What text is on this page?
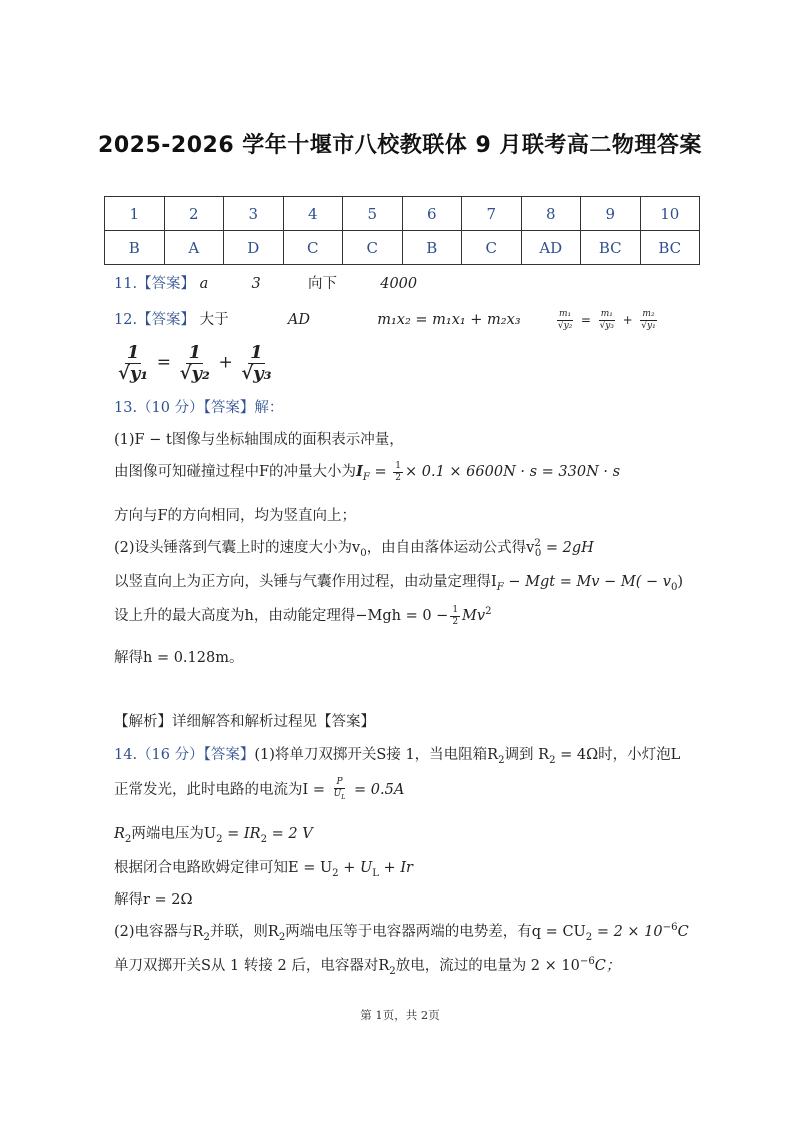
2025-2026 学年十堰市八校教联体 9 月联考高二物理答案
1	2	3	4	5	6	7	8	9	10
B	A	D	C	C	B	C	AD	BC	BC
11.【答案】 a	3	向下	4000
12.【答案】 大于	AD	m₁x₂ = m₁x₁ + m₂x₃	$\frac{\text{m₁}}{\text{√y₂}} = \frac{\text{m₁}}{\text{√y₃}} + \frac{\text{m₂}}{\text{√y₁}}$
$\frac{1}{\text{√y₁}} = \frac{1}{\text{√y₂}} + \frac{1}{\text{√y₃}}$
13.（10 分）【答案】解：
(1)F − t图像与坐标轴围成的面积表示冲量，
由图像可知碰撞过程中F的冲量大小为$I_F = \frac{1}{2} \times 0.1 \times 6600N \cdot s = 330N \cdot s$
方向与F的方向相同，均为竖直向上；
(2)设头锤落到气囊上时的速度大小为$v_0$，由自由落体运动公式得$v^2_0 = 2gH$
以竖直向上为正方向，头锤与气囊作用过程，由动量定理得$I_F$ − Mgt = $Mv - M( - v_0)$
设上升的最大高度为h，由动能定理得$-Mgh = 0 - \frac{1}{2} Mv^2$
解得h = 0.128m。
【解析】详细解答和解析过程见【答案】
14.（16 分）【答案】(1)将单刀双掷开关S接 1，当电阻箱$R_2$调到 $R_2 = 4\Omega$时，小灯泡L
正常发光，此时电路的电流为$I = \frac{P}{U_L} = 0.5A$
$R_2$两端电压为$U_2 = IR_2 = 2$ V
根据闭合电路欧姆定律可知$E = U_2 + U_L + Ir$
解得r = 2Ω
(2)电容器与$R_2$并联，则$R_2$两端电压等于电容器两端的电势差，有$q = CU_2 = 2 \times 10^{-6}C$
单刀双掷开关S从 1 转接 2 后，电容器对$R_2$放电，流过的电量为 $2 \times 10^{-6}C$；
第 1页，共 2页
